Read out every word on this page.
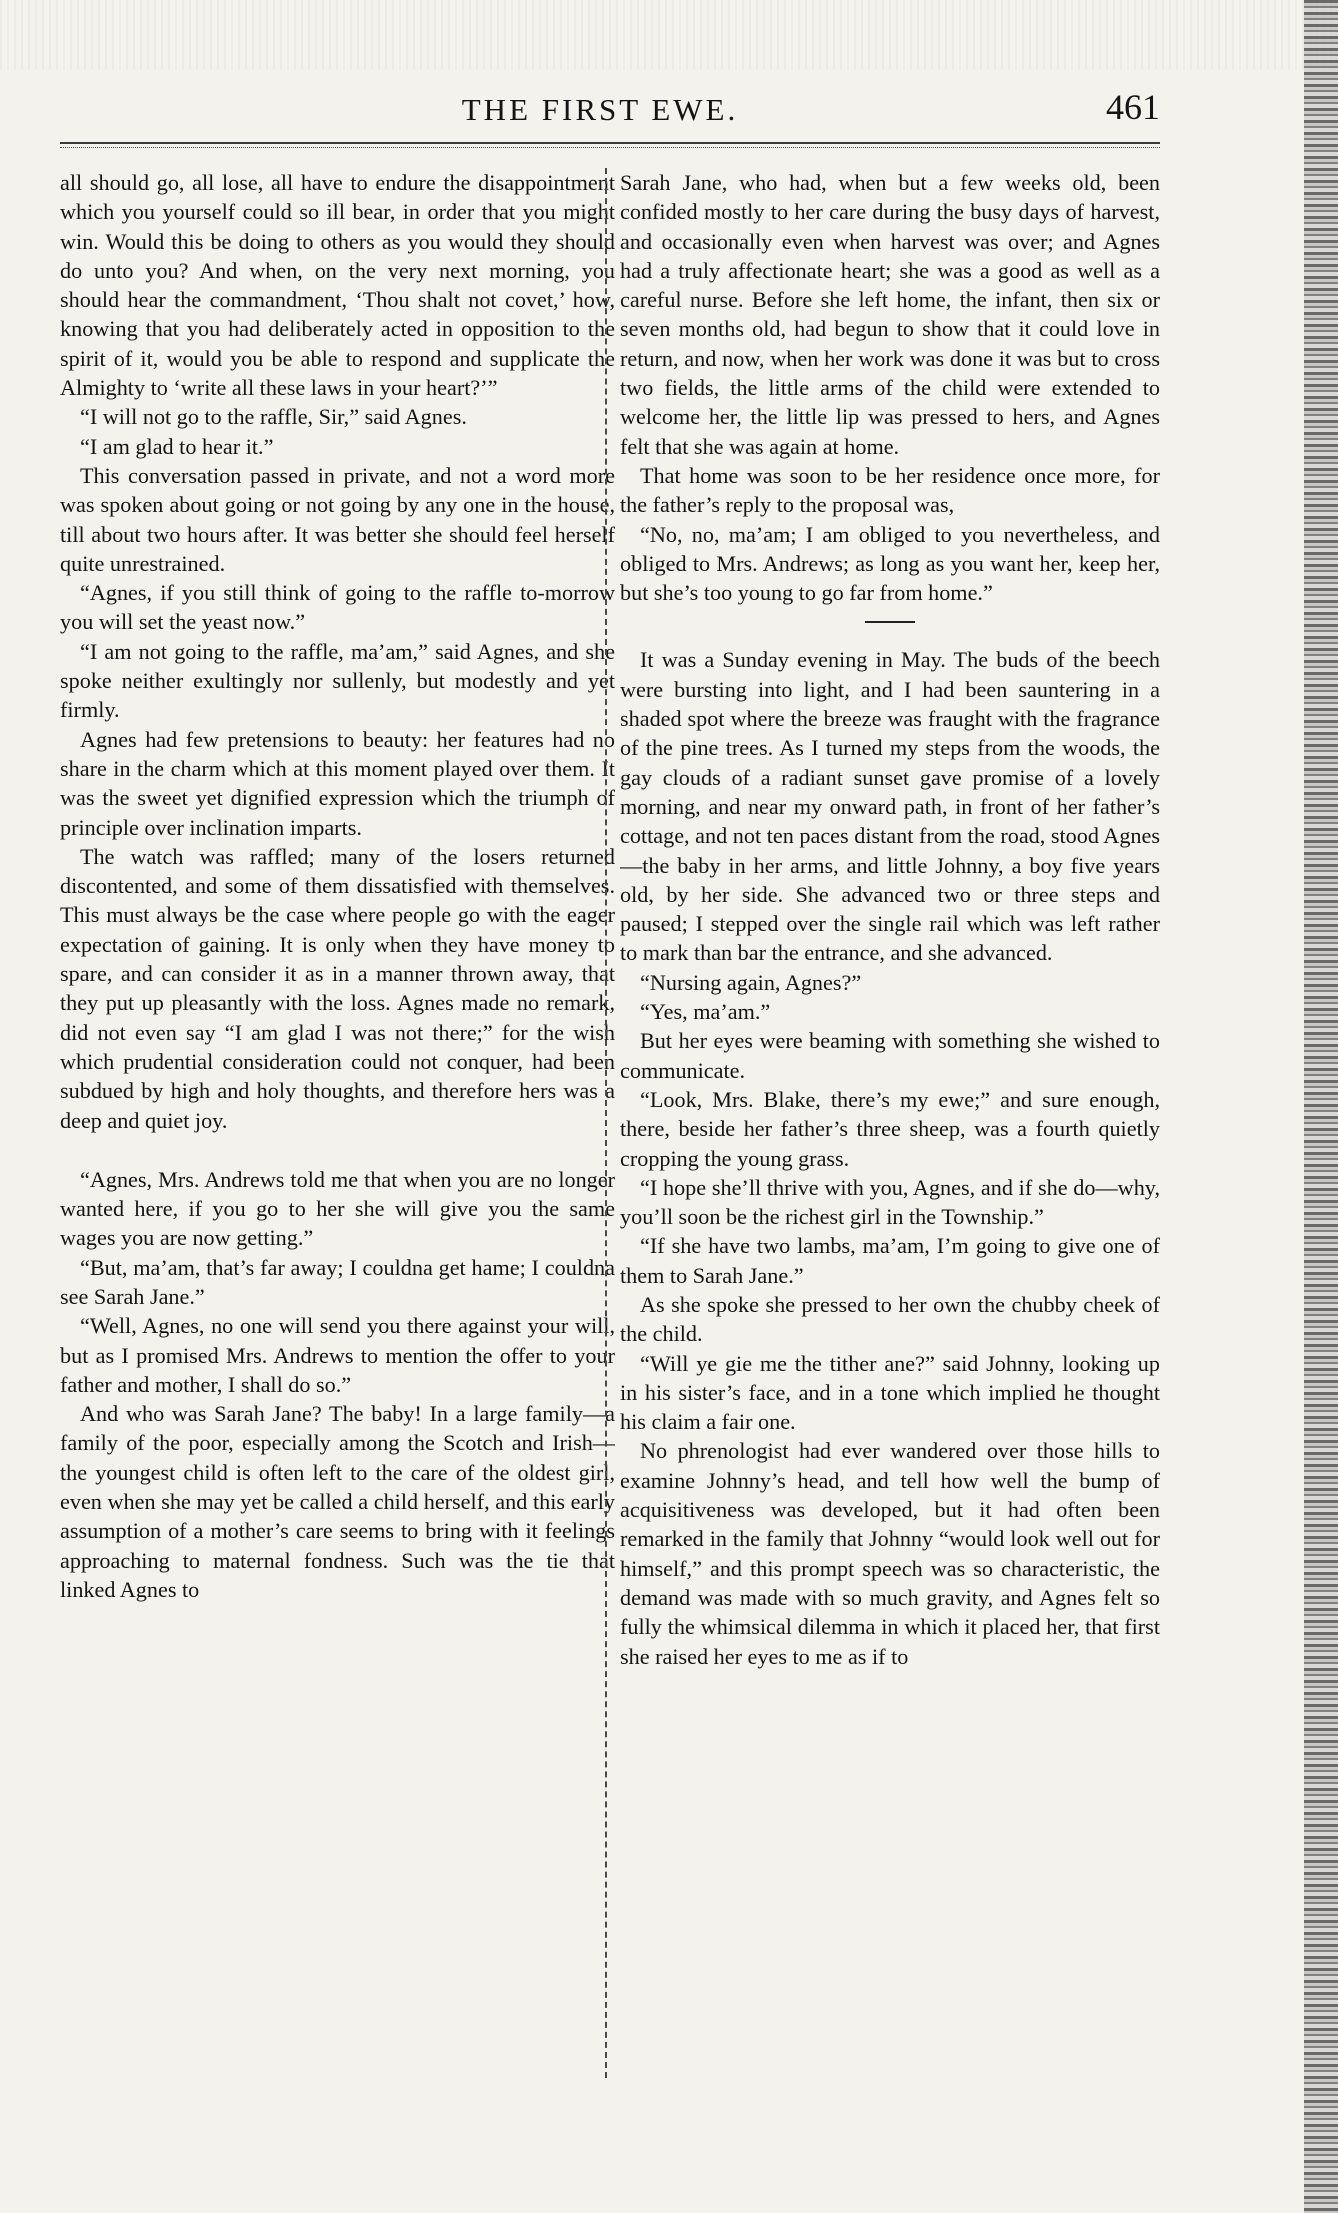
THE FIRST EWE.	461

all should go, all lose, all have to endure the disappointment which you yourself could so ill bear, in order that you might win. Would this be doing to others as you would they should do unto you? And when, on the very next morning, you should hear the commandment, ‘Thou shalt not covet,’ how, knowing that you had deliberately acted in opposition to the spirit of it, would you be able to respond and supplicate the Almighty to ‘write all these laws in your heart?’”

“I will not go to the raffle, Sir,” said Agnes.

“I am glad to hear it.”

This conversation passed in private, and not a word more was spoken about going or not going by any one in the house, till about two hours after. It was better she should feel herself quite unrestrained.

“Agnes, if you still think of going to the raffle to-morrow you will set the yeast now.”

“I am not going to the raffle, ma’am,” said Agnes, and she spoke neither exultingly nor sullenly, but modestly and yet firmly.

Agnes had few pretensions to beauty: her features had no share in the charm which at this moment played over them. It was the sweet yet dignified expression which the triumph of principle over inclination imparts.

The watch was raffled; many of the losers returned discontented, and some of them dissatisfied with themselves. This must always be the case where people go with the eager expectation of gaining. It is only when they have money to spare, and can consider it as in a manner thrown away, that they put up pleasantly with the loss. Agnes made no remark, did not even say “I am glad I was not there;” for the wish which prudential consideration could not conquer, had been subdued by high and holy thoughts, and therefore hers was a deep and quiet joy.

“Agnes, Mrs. Andrews told me that when you are no longer wanted here, if you go to her she will give you the same wages you are now getting.”

“But, ma’am, that’s far away; I couldna get hame; I couldna see Sarah Jane.”

“Well, Agnes, no one will send you there against your will, but as I promised Mrs. Andrews to mention the offer to your father and mother, I shall do so.”

And who was Sarah Jane? The baby! In a large family—a family of the poor, especially among the Scotch and Irish—the youngest child is often left to the care of the oldest girl, even when she may yet be called a child herself, and this early assumption of a mother’s care seems to bring with it feelings approaching to maternal fondness. Such was the tie that linked Agnes to

Sarah Jane, who had, when but a few weeks old, been confided mostly to her care during the busy days of harvest, and occasionally even when harvest was over; and Agnes had a truly affectionate heart; she was a good as well as a careful nurse. Before she left home, the infant, then six or seven months old, had begun to show that it could love in return, and now, when her work was done it was but to cross two fields, the little arms of the child were extended to welcome her, the little lip was pressed to hers, and Agnes felt that she was again at home.

That home was soon to be her residence once more, for the father’s reply to the proposal was,

“No, no, ma’am; I am obliged to you nevertheless, and obliged to Mrs. Andrews; as long as you want her, keep her, but she’s too young to go far from home.”

It was a Sunday evening in May. The buds of the beech were bursting into light, and I had been sauntering in a shaded spot where the breeze was fraught with the fragrance of the pine trees. As I turned my steps from the woods, the gay clouds of a radiant sunset gave promise of a lovely morning, and near my onward path, in front of her father’s cottage, and not ten paces distant from the road, stood Agnes—the baby in her arms, and little Johnny, a boy five years old, by her side. She advanced two or three steps and paused; I stepped over the single rail which was left rather to mark than bar the entrance, and she advanced.

“Nursing again, Agnes?”

“Yes, ma’am.”

But her eyes were beaming with something she wished to communicate.

“Look, Mrs. Blake, there’s my ewe;” and sure enough, there, beside her father’s three sheep, was a fourth quietly cropping the young grass.

“I hope she’ll thrive with you, Agnes, and if she do—why, you’ll soon be the richest girl in the Township.”

“If she have two lambs, ma’am, I’m going to give one of them to Sarah Jane.”

As she spoke she pressed to her own the chubby cheek of the child.

“Will ye gie me the tither ane?” said Johnny, looking up in his sister’s face, and in a tone which implied he thought his claim a fair one.

No phrenologist had ever wandered over those hills to examine Johnny’s head, and tell how well the bump of acquisitiveness was developed, but it had often been remarked in the family that Johnny “would look well out for himself,” and this prompt speech was so characteristic, the demand was made with so much gravity, and Agnes felt so fully the whimsical dilemma in which it placed her, that first she raised her eyes to me as if to
